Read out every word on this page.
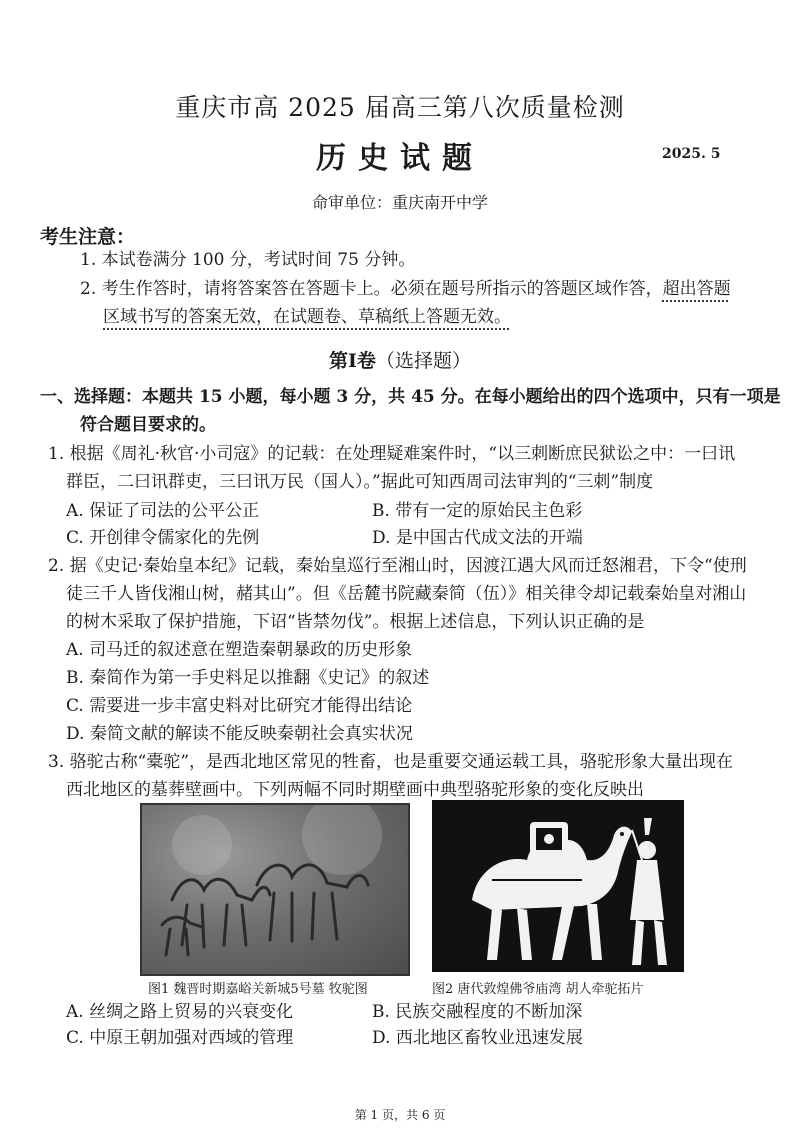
重庆市高 2025 届高三第八次质量检测
历史试题	2025. 5
命审单位：重庆南开中学
考生注意：
1. 本试卷满分 100 分，考试时间 75 分钟。
2. 考生作答时，请将答案答在答题卡上。必须在题号所指示的答题区域作答，超出答题
区域书写的答案无效，在试题卷、草稿纸上答题无效。
第Ⅰ卷（选择题）
一、选择题：本题共 15 小题，每小题 3 分，共 45 分。在每小题给出的四个选项中，只有一项是
符合题目要求的。
1. 根据《周礼·秋官·小司寇》的记载：在处理疑难案件时，“以三刺断庶民狱讼之中：一曰讯
群臣，二曰讯群吏，三曰讯万民（国人）。”据此可知西周司法审判的“三刺”制度
A. 保证了司法的公平公正	B. 带有一定的原始民主色彩
C. 开创律令儒家化的先例	D. 是中国古代成文法的开端
2. 据《史记·秦始皇本纪》记载，秦始皇巡行至湘山时，因渡江遇大风而迁怒湘君，下令“使刑
徒三千人皆伐湘山树，赭其山”。但《岳麓书院藏秦简（伍）》相关律令却记载秦始皇对湘山
的树木采取了保护措施，下诏“皆禁勿伐”。根据上述信息，下列认识正确的是
A. 司马迁的叙述意在塑造秦朝暴政的历史形象
B. 秦简作为第一手史料足以推翻《史记》的叙述
C. 需要进一步丰富史料对比研究才能得出结论
D. 秦简文献的解读不能反映秦朝社会真实状况
3. 骆驼古称“橐驼”，是西北地区常见的牲畜，也是重要交通运载工具，骆驼形象大量出现在
西北地区的墓葬壁画中。下列两幅不同时期壁画中典型骆驼形象的变化反映出
图1 魏晋时期嘉峪关新城5号墓 牧驼图	图2 唐代敦煌佛爷庙湾 胡人牵驼拓片
A. 丝绸之路上贸易的兴衰变化	B. 民族交融程度的不断加深
C. 中原王朝加强对西域的管理	D. 西北地区畜牧业迅速发展
第 1 页，共 6 页
